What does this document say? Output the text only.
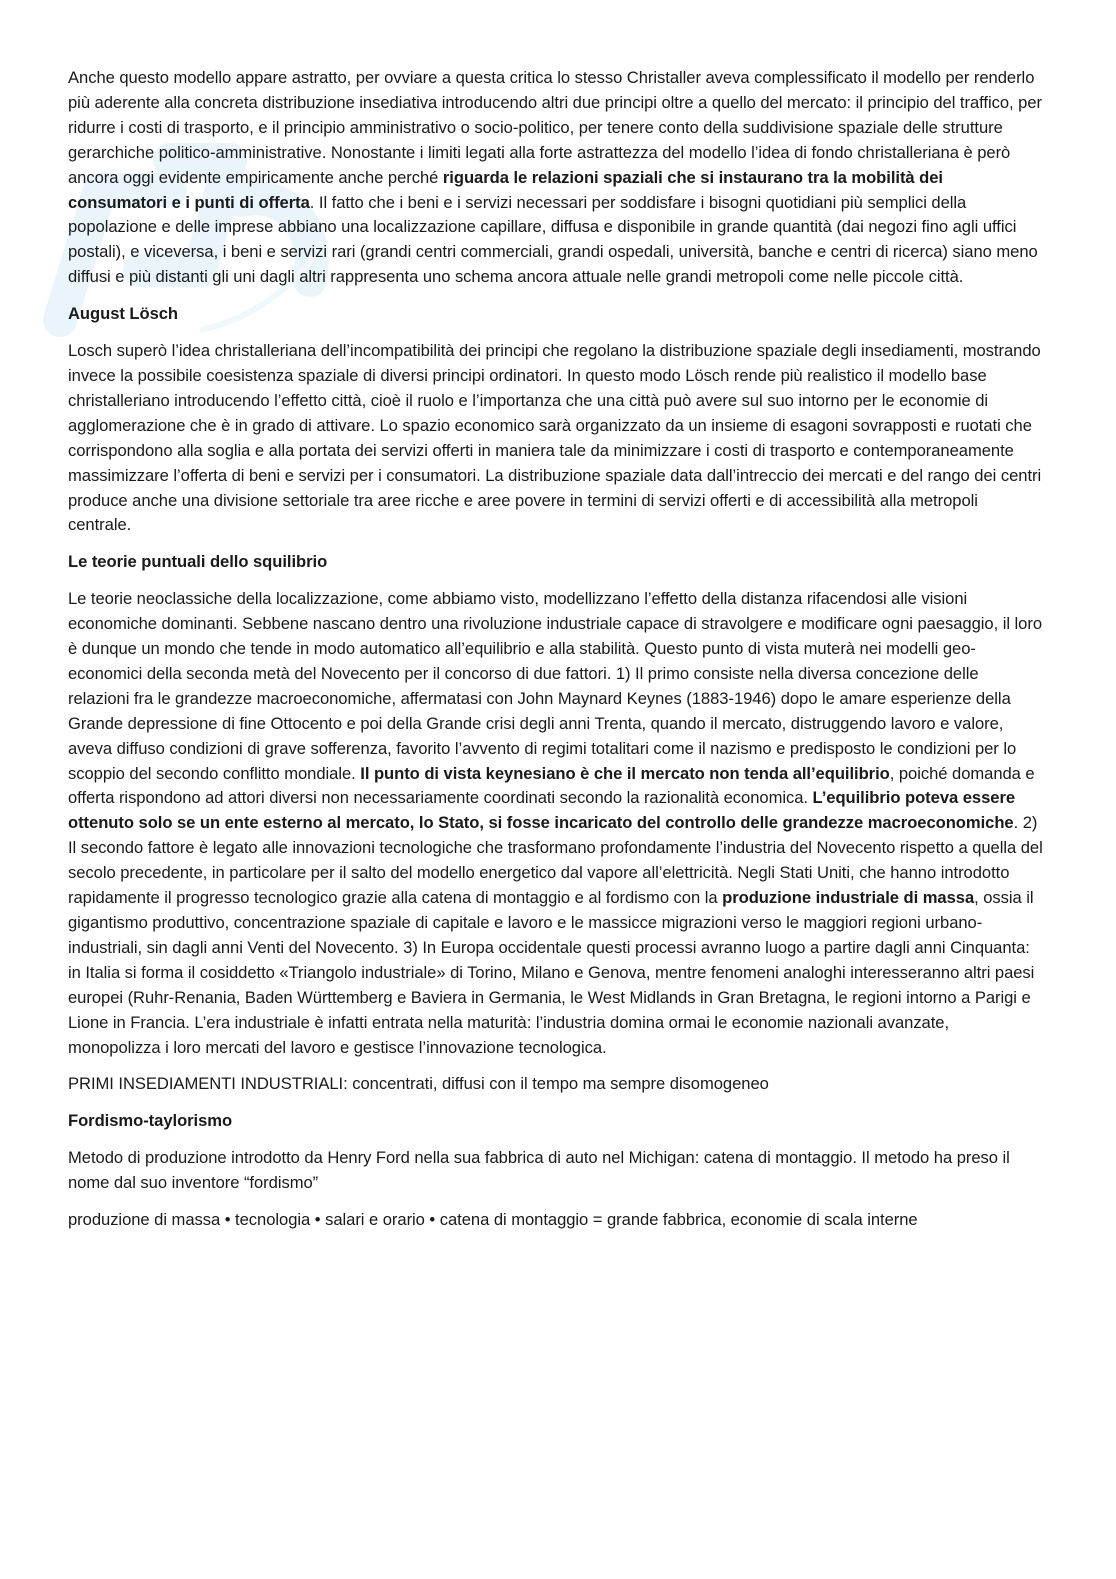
Anche questo modello appare astratto, per ovviare a questa critica lo stesso Christaller aveva complessificato il modello per renderlo più aderente alla concreta distribuzione insediativa introducendo altri due principi oltre a quello del mercato: il principio del traffico, per ridurre i costi di trasporto, e il principio amministrativo o socio-politico, per tenere conto della suddivisione spaziale delle strutture gerarchiche politico-amministrative. Nonostante i limiti legati alla forte astrattezza del modello l’idea di fondo christalleriana è però ancora oggi evidente empiricamente anche perché riguarda le relazioni spaziali che si instaurano tra la mobilità dei consumatori e i punti di offerta. Il fatto che i beni e i servizi necessari per soddisfare i bisogni quotidiani più semplici della popolazione e delle imprese abbiano una localizzazione capillare, diffusa e disponibile in grande quantità (dai negozi fino agli uffici postali), e viceversa, i beni e servizi rari (grandi centri commerciali, grandi ospedali, università, banche e centri di ricerca) siano meno diffusi e più distanti gli uni dagli altri rappresenta uno schema ancora attuale nelle grandi metropoli come nelle piccole città.

August Lösch

Losch superò l’idea christalleriana dell’incompatibilità dei principi che regolano la distribuzione spaziale degli insediamenti, mostrando invece la possibile coesistenza spaziale di diversi principi ordinatori. In questo modo Lösch rende più realistico il modello base christalleriano introducendo l’effetto città, cioè il ruolo e l’importanza che una città può avere sul suo intorno per le economie di agglomerazione che è in grado di attivare. Lo spazio economico sarà organizzato da un insieme di esagoni sovrapposti e ruotati che corrispondono alla soglia e alla portata dei servizi offerti in maniera tale da minimizzare i costi di trasporto e contemporaneamente massimizzare l’offerta di beni e servizi per i consumatori. La distribuzione spaziale data dall’intreccio dei mercati e del rango dei centri produce anche una divisione settoriale tra aree ricche e aree povere in termini di servizi offerti e di accessibilità alla metropoli centrale.

Le teorie puntuali dello squilibrio

Le teorie neoclassiche della localizzazione, come abbiamo visto, modellizzano l’effetto della distanza rifacendosi alle visioni economiche dominanti. Sebbene nascano dentro una rivoluzione industriale capace di stravolgere e modificare ogni paesaggio, il loro è dunque un mondo che tende in modo automatico all’equilibrio e alla stabilità. Questo punto di vista muterà nei modelli geo-economici della seconda metà del Novecento per il concorso di due fattori. 1) Il primo consiste nella diversa concezione delle relazioni fra le grandezze macroeconomiche, affermatasi con John Maynard Keynes (1883-1946) dopo le amare esperienze della Grande depressione di fine Ottocento e poi della Grande crisi degli anni Trenta, quando il mercato, distruggendo lavoro e valore, aveva diffuso condizioni di grave sofferenza, favorito l’avvento di regimi totalitari come il nazismo e predisposto le condizioni per lo scoppio del secondo conflitto mondiale. Il punto di vista keynesiano è che il mercato non tenda all’equilibrio, poiché domanda e offerta rispondono ad attori diversi non necessariamente coordinati secondo la razionalità economica. L’equilibrio poteva essere ottenuto solo se un ente esterno al mercato, lo Stato, si fosse incaricato del controllo delle grandezze macroeconomiche. 2) Il secondo fattore è legato alle innovazioni tecnologiche che trasformano profondamente l’industria del Novecento rispetto a quella del secolo precedente, in particolare per il salto del modello energetico dal vapore all’elettricità. Negli Stati Uniti, che hanno introdotto rapidamente il progresso tecnologico grazie alla catena di montaggio e al fordismo con la produzione industriale di massa, ossia il gigantismo produttivo, concentrazione spaziale di capitale e lavoro e le massicce migrazioni verso le maggiori regioni urbano-industriali, sin dagli anni Venti del Novecento. 3) In Europa occidentale questi processi avranno luogo a partire dagli anni Cinquanta: in Italia si forma il cosiddetto «Triangolo industriale» di Torino, Milano e Genova, mentre fenomeni analoghi interesseranno altri paesi europei (Ruhr-Renania, Baden Württemberg e Baviera in Germania, le West Midlands in Gran Bretagna, le regioni intorno a Parigi e Lione in Francia. L’era industriale è infatti entrata nella maturità: l’industria domina ormai le economie nazionali avanzate, monopolizza i loro mercati del lavoro e gestisce l’innovazione tecnologica.

PRIMI INSEDIAMENTI INDUSTRIALI: concentrati, diffusi con il tempo ma sempre disomogeneo

Fordismo-taylorismo

Metodo di produzione introdotto da Henry Ford nella sua fabbrica di auto nel Michigan: catena di montaggio. Il metodo ha preso il nome dal suo inventore “fordismo”

produzione di massa • tecnologia • salari e orario • catena di montaggio = grande fabbrica, economie di scala interne
